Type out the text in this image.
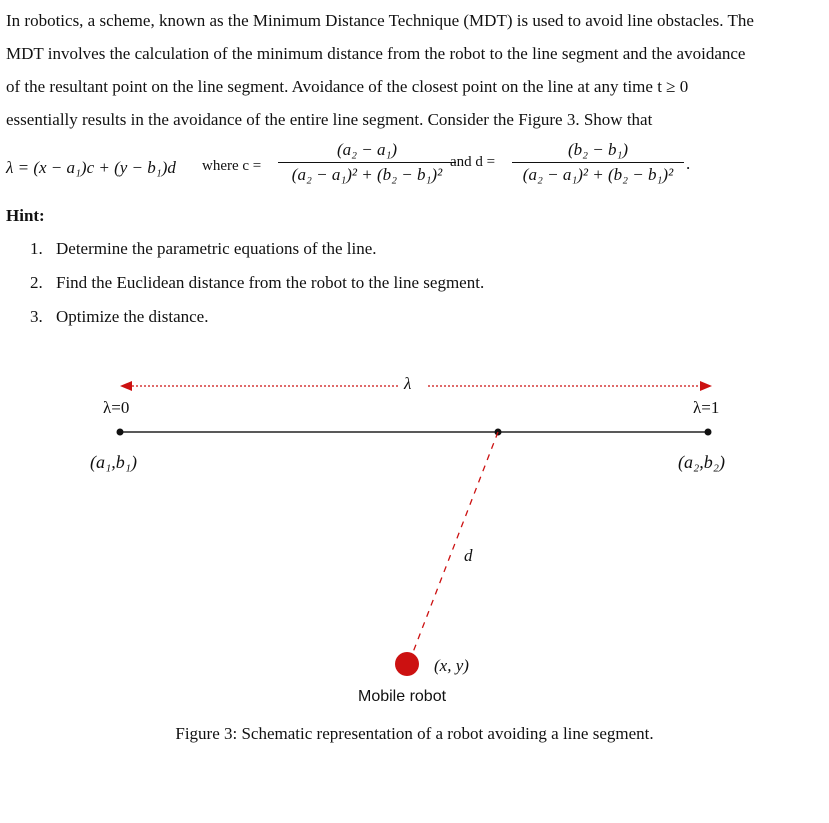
In robotics, a scheme, known as the Minimum Distance Technique (MDT) is used to avoid line obstacles. The
MDT involves the calculation of the minimum distance from the robot to the line segment and the avoidance
of the resultant point on the line segment. Avoidance of the closest point on the line at any time t ≥ 0
essentially results in the avoidance of the entire line segment. Consider the Figure 3. Show that
λ = (x − a₁)c + (y − b₁)d where $c = \frac{\text{(a₂ − a₁)}}{\text{(a₂ − a₁)² + (b₂ − b₁)²}}$
and $d = \frac{\text{(b₂ − b₁)}}{\text{(a₂ − a₁)² + (b₂ − b₁)²}}$ .
Hint:
1. Determine the parametric equations of the line.
2. Find the Euclidean distance from the robot to the line segment.
3. Optimize the distance.
λ
λ=0	λ=1
(a₁,b₁)	(a₂,b₂)
d
(x, y)
Mobile robot
Figure 3: Schematic representation of a robot avoiding a line segment.
